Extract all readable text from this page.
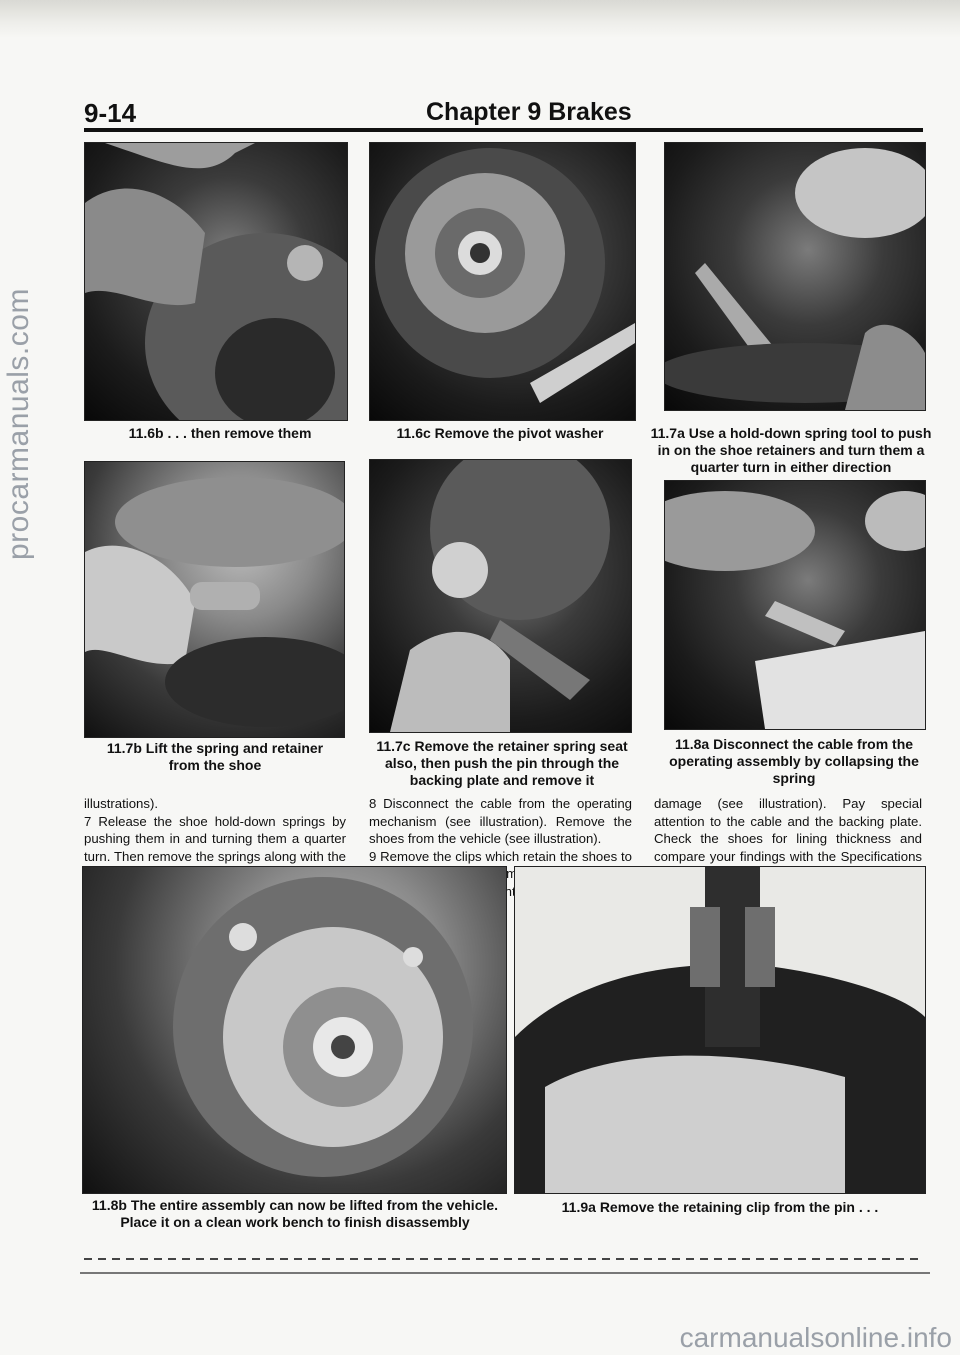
procarmanuals.com
9-14	Chapter 9 Brakes
11.6b . . . then remove them	11.6c Remove the pivot washer	11.7a Use a hold-down spring tool to push in on the shoe retainers and turn them a quarter turn in either direction
11.7b Lift the spring and retainer from the shoe
11.7c Remove the retainer spring seat also, then push the pin through the backing plate and remove it
11.8a Disconnect the cable from the operating assembly by collapsing the spring
illustrations).
7 Release the shoe hold-down springs by pushing them in and turning them a quarter turn. Then remove the springs along with the
8 Disconnect the cable from the operating mechanism (see illustration). Remove the shoes from the vehicle (see illustration).
9 Remove the clips which retain the shoes to

damage (see illustration). Pay special attention to the cable and the backing plate. Check the shoes for lining thickness and compare your findings with the Specifications
11.8b The entire assembly can now be lifted from the vehicle. Place it on a clean work bench to finish disassembly
11.9a Remove the retaining clip from the pin . . .
carmanualsonline.info
